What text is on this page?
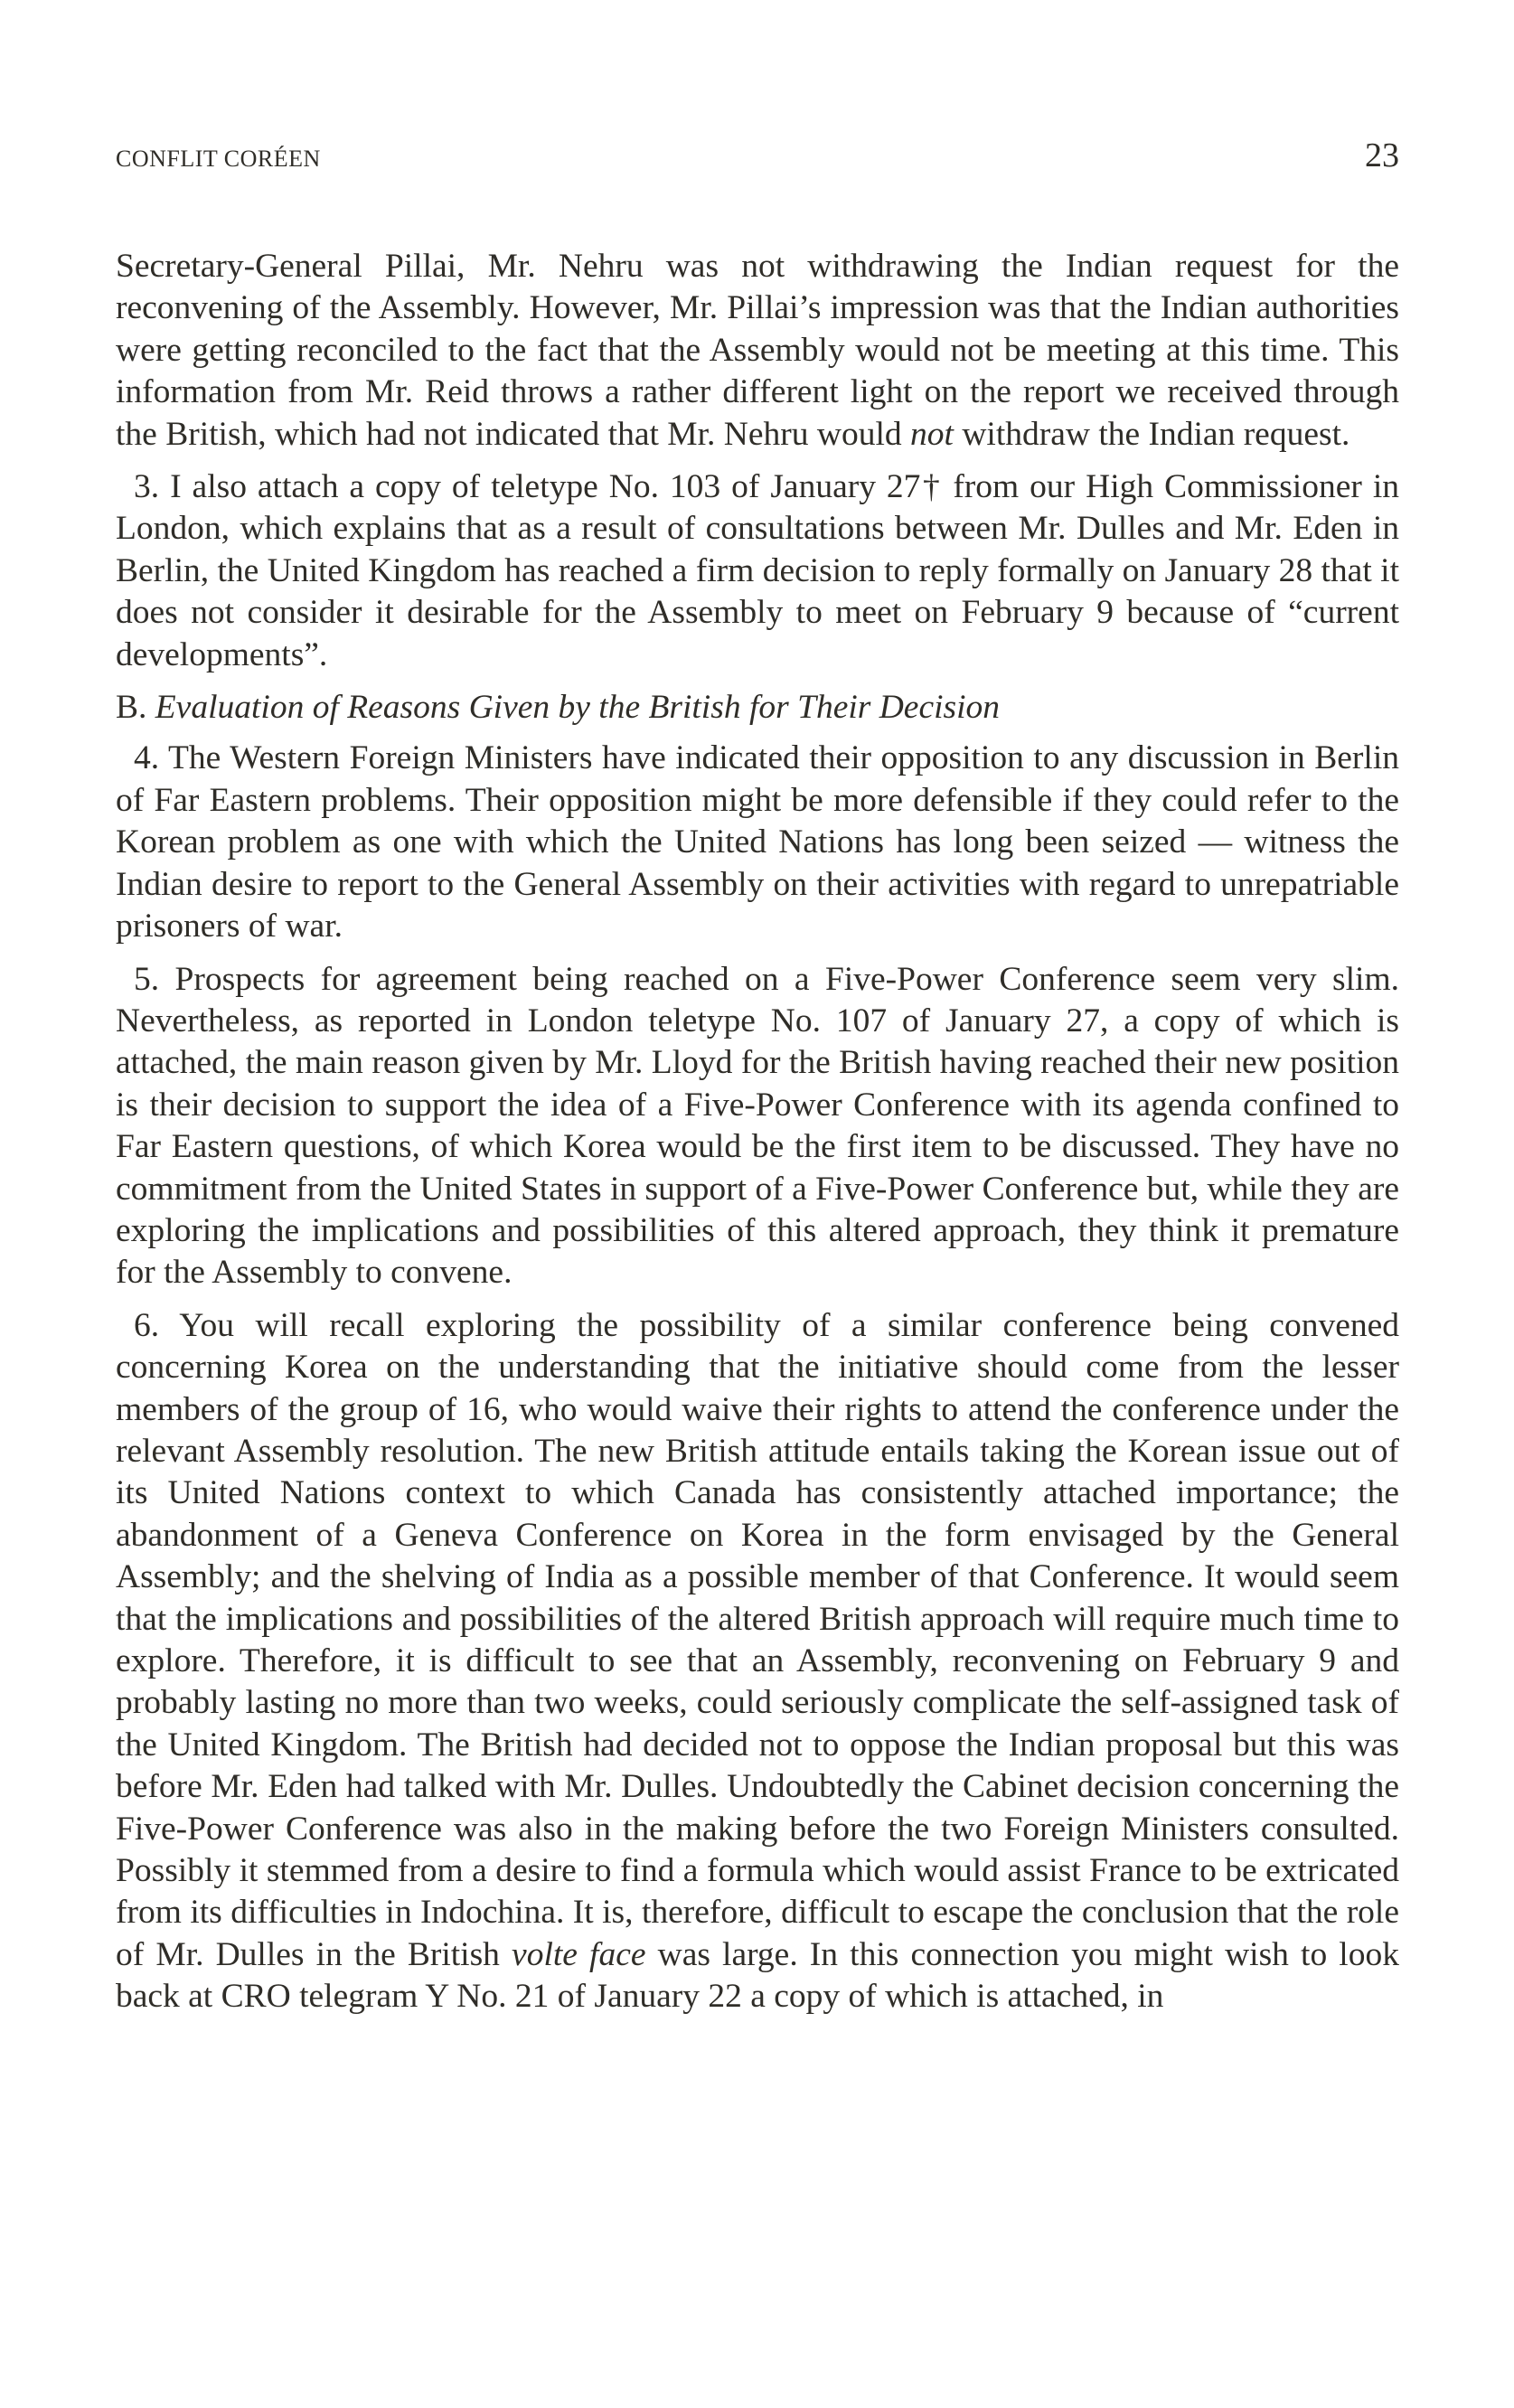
CONFLIT CORÉEN	23

Secretary-General Pillai, Mr. Nehru was not withdrawing the Indian request for the reconvening of the Assembly. However, Mr. Pillai’s impression was that the Indian authorities were getting reconciled to the fact that the Assembly would not be meeting at this time. This information from Mr. Reid throws a rather different light on the report we received through the British, which had not indicated that Mr. Nehru would not withdraw the Indian request.

3. I also attach a copy of teletype No. 103 of January 27† from our High Commissioner in London, which explains that as a result of consultations between Mr. Dulles and Mr. Eden in Berlin, the United Kingdom has reached a firm decision to reply formally on January 28 that it does not consider it desirable for the Assembly to meet on February 9 because of “current developments”.

B. Evaluation of Reasons Given by the British for Their Decision

4. The Western Foreign Ministers have indicated their opposition to any discussion in Berlin of Far Eastern problems. Their opposition might be more defensible if they could refer to the Korean problem as one with which the United Nations has long been seized — witness the Indian desire to report to the General Assembly on their activities with regard to unrepatriable prisoners of war.

5. Prospects for agreement being reached on a Five-Power Conference seem very slim. Nevertheless, as reported in London teletype No. 107 of January 27, a copy of which is attached, the main reason given by Mr. Lloyd for the British having reached their new position is their decision to support the idea of a Five-Power Conference with its agenda confined to Far Eastern questions, of which Korea would be the first item to be discussed. They have no commitment from the United States in support of a Five-Power Conference but, while they are exploring the implications and possibilities of this altered approach, they think it premature for the Assembly to convene.

6. You will recall exploring the possibility of a similar conference being convened concerning Korea on the understanding that the initiative should come from the lesser members of the group of 16, who would waive their rights to attend the conference under the relevant Assembly resolution. The new British attitude entails taking the Korean issue out of its United Nations context to which Canada has consistently attached importance; the abandonment of a Geneva Conference on Korea in the form envisaged by the General Assembly; and the shelving of India as a possible member of that Conference. It would seem that the implications and possibilities of the altered British approach will require much time to explore. Therefore, it is difficult to see that an Assembly, reconvening on February 9 and probably lasting no more than two weeks, could seriously complicate the self-assigned task of the United Kingdom. The British had decided not to oppose the Indian proposal but this was before Mr. Eden had talked with Mr. Dulles. Undoubtedly the Cabinet decision concerning the Five-Power Conference was also in the making before the two Foreign Ministers consulted. Possibly it stemmed from a desire to find a formula which would assist France to be extricated from its difficulties in Indochina. It is, therefore, difficult to escape the conclusion that the role of Mr. Dulles in the British volte face was large. In this connection you might wish to look back at CRO telegram Y No. 21 of January 22 a copy of which is attached, in
